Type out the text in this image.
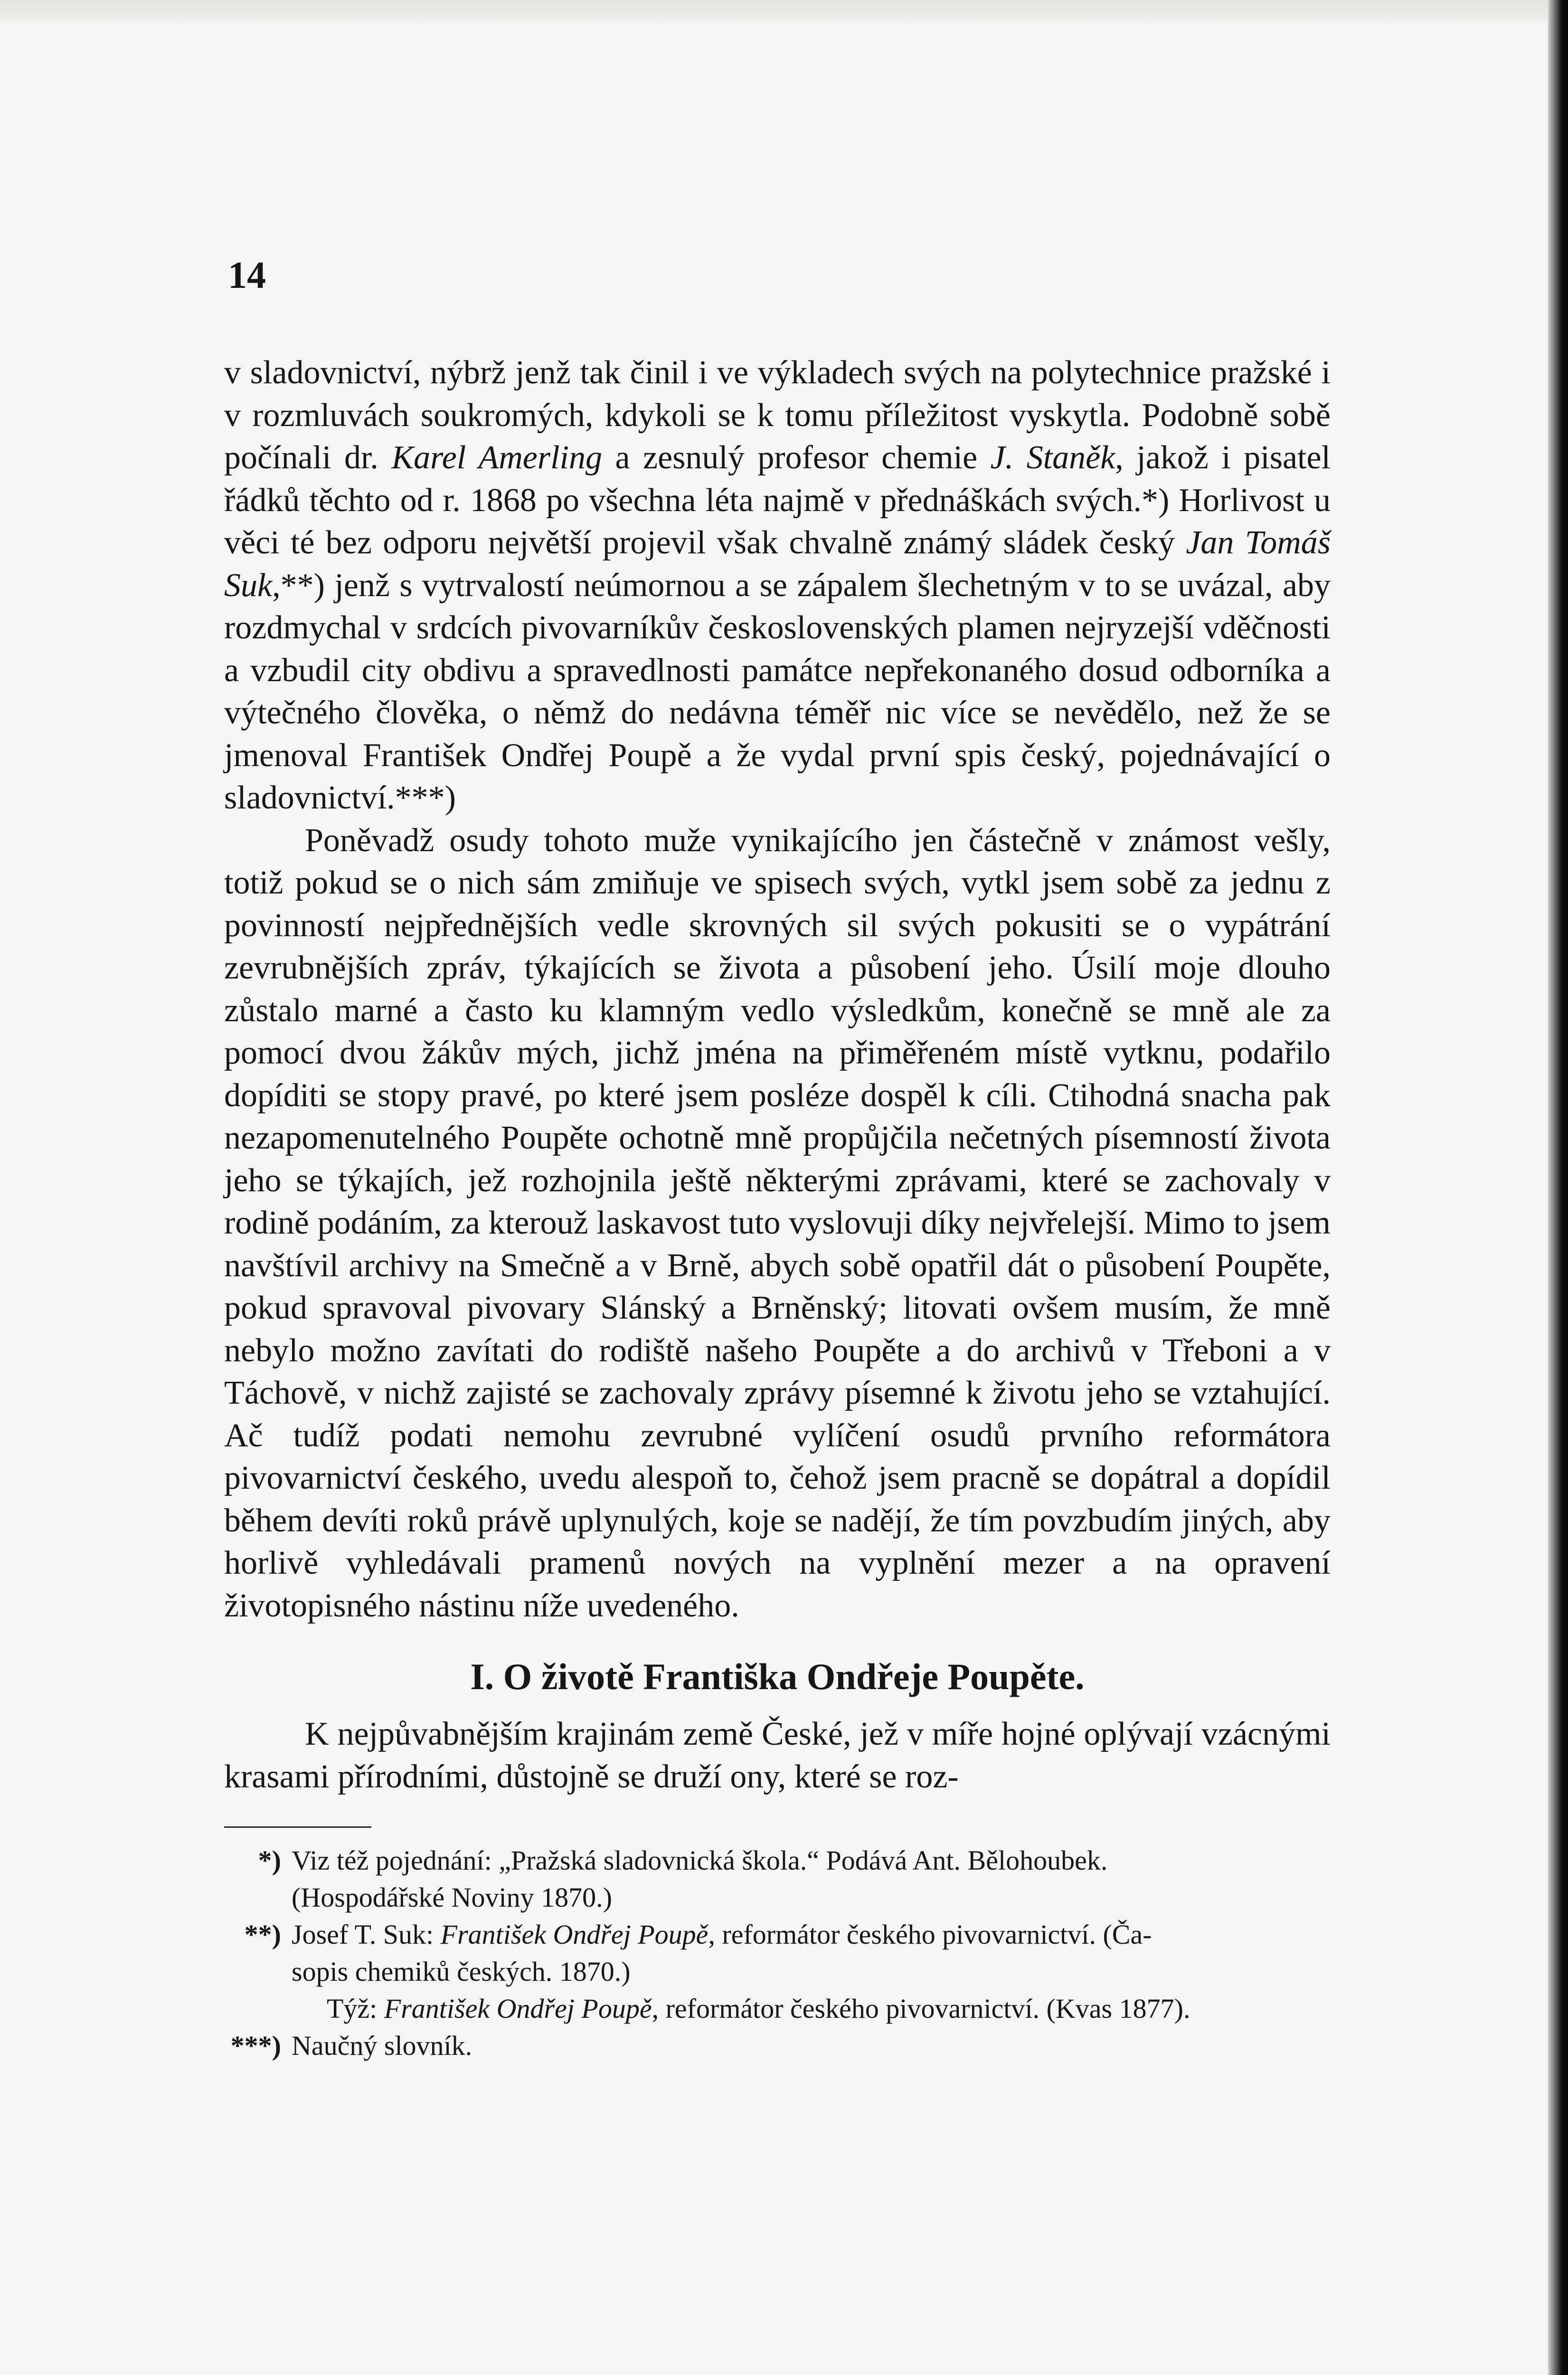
14

v sladovnictví, nýbrž jenž tak činil i ve výkladech svých na polytechnice pražské i v rozmluvách soukromých, kdykoli se k tomu příležitost vyskytla. Podobně sobě počínali dr. Karel Amerling a zesnulý profesor chemie J. Staněk, jakož i pisatel řádků těchto od r. 1868 po všechna léta najmě v přednáškách svých.*) Horlivost u věci té bez odporu největší projevil však chvalně známý sládek český Jan Tomáš Suk,**) jenž s vytrvalostí neúmornou a se zápalem šlechetným v to se uvázal, aby rozdmychal v srdcích pivovarníkův československých plamen nejryzejší vděčnosti a vzbudil city obdivu a spravedlnosti památce nepřekonaného dosud odborníka a výtečného člověka, o němž do nedávna téměř nic více se nevědělo, než že se jmenoval František Ondřej Poupě a že vydal první spis český, pojednávající o sladovnictví.***)

Poněvadž osudy tohoto muže vynikajícího jen částečně v známost vešly, totiž pokud se o nich sám zmiňuje ve spisech svých, vytkl jsem sobě za jednu z povinností nejpřednějších vedle skrovných sil svých pokusiti se o vypátrání zevrubnějších zpráv, týkajících se života a působení jeho. Úsilí moje dlouho zůstalo marné a často ku klamným vedlo výsledkům, konečně se mně ale za pomocí dvou žákův mých, jichž jména na přiměřeném místě vytknu, podařilo dopíditi se stopy pravé, po které jsem posléze dospěl k cíli. Ctihodná snacha pak nezapomenutelného Poupěte ochotně mně propůjčila nečetných písemností života jeho se týkajích, jež rozhojnila ještě některými zprávami, které se zachovaly v rodině podáním, za kterouž laskavost tuto vyslovuji díky nejvřelejší. Mimo to jsem navštívil archivy na Smečně a v Brně, abych sobě opatřil dát o působení Poupěte, pokud spravoval pivovary Slánský a Brněnský; litovati ovšem musím, že mně nebylo možno zavítati do rodiště našeho Poupěte a do archivů v Třeboni a v Táchově, v nichž zajisté se zachovaly zprávy písemné k životu jeho se vztahující. Ač tudíž podati nemohu zevrubné vylíčení osudů prvního reformátora pivovarnictví českého, uvedu alespoň to, čehož jsem pracně se dopátral a dopídil během devíti roků právě uplynulých, koje se nadějí, že tím povzbudím jiných, aby horlivě vyhledávali pramenů nových na vyplnění mezer a na opravení životopisného nástinu níže uvedeného.

I. O životě Františka Ondřeje Poupěte.

K nejpůvabnějším krajinám země České, jež v míře hojné oplývají vzácnými krasami přírodními, důstojně se druží ony, které se roz-

*) Viz též pojednání: „Pražská sladovnická škola.“ Podává Ant. Bělohoubek.
(Hospodářské Noviny 1870.)
**) Josef T. Suk: František Ondřej Poupě, reformátor českého pivovarnictví. (Ča-
sopis chemiků českých. 1870.)
Týž: František Ondřej Poupě, reformátor českého pivovarnictví. (Kvas 1877).
***) Naučný slovník.
